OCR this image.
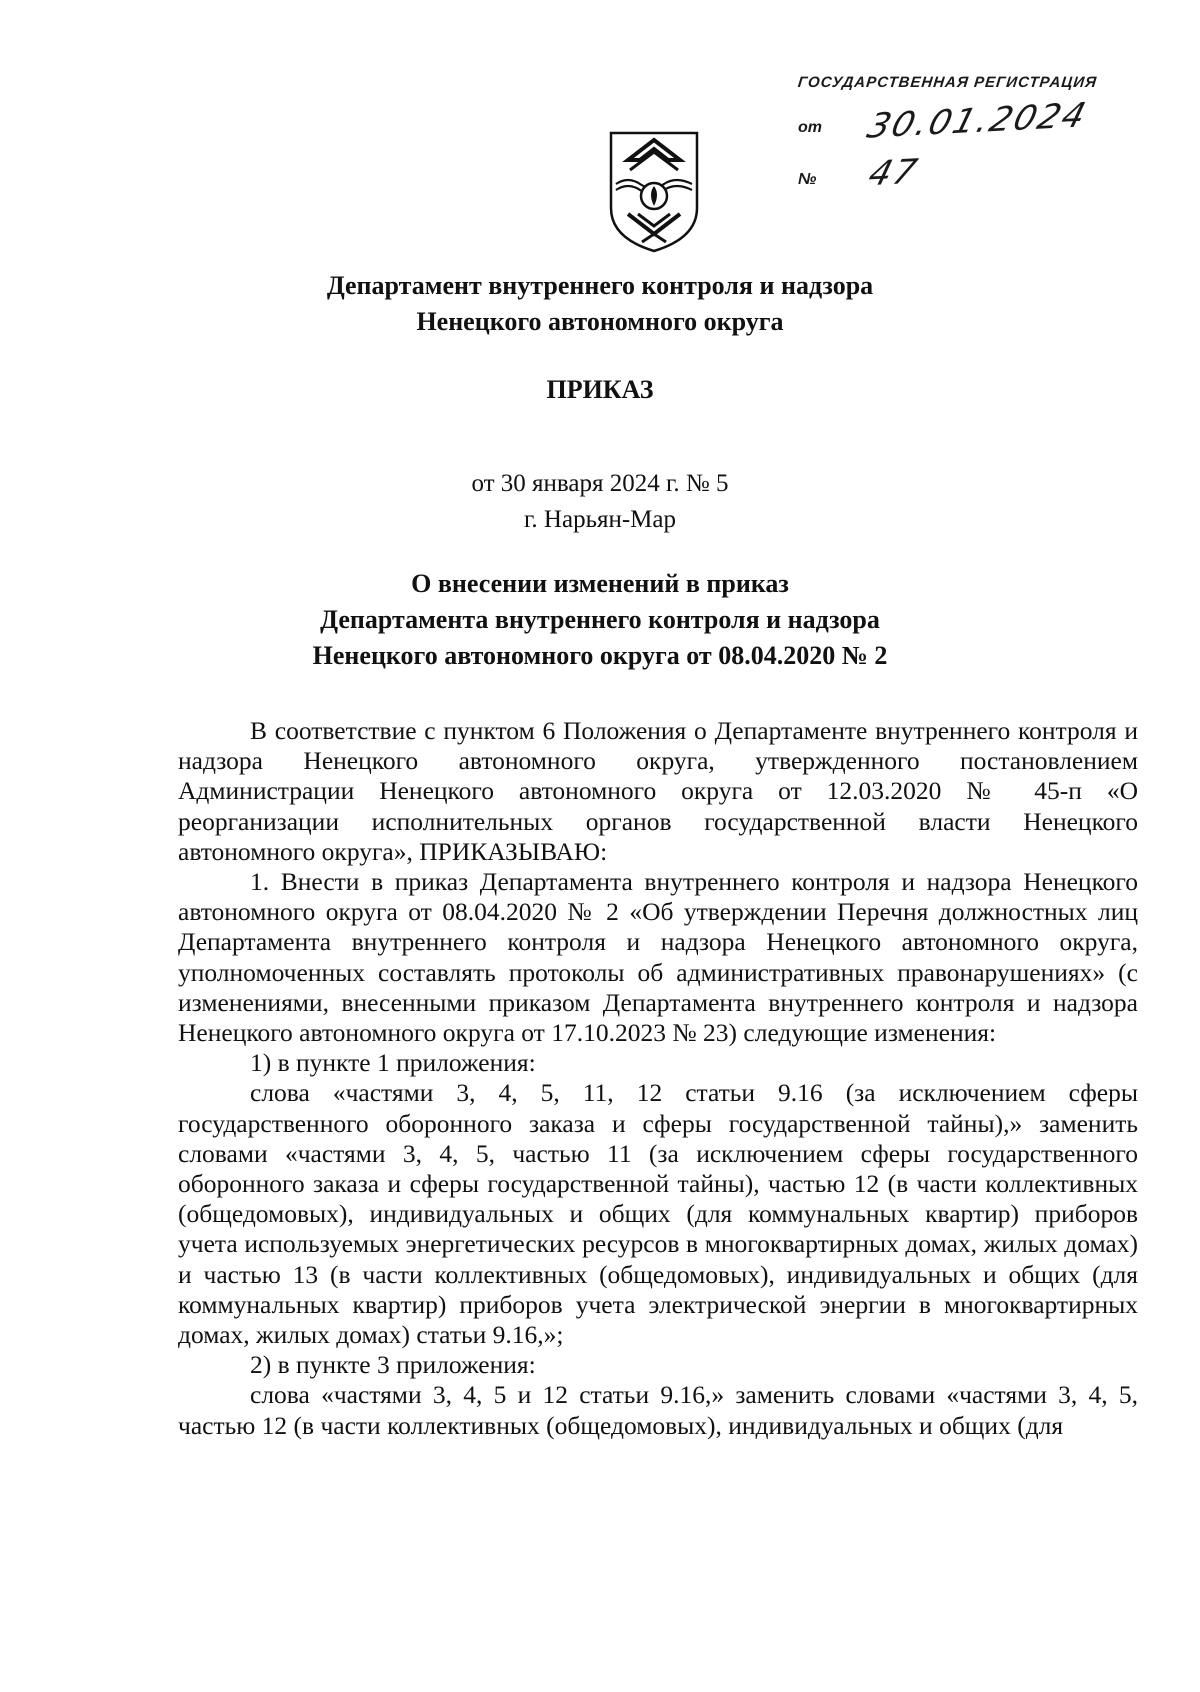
ГОСУДАРСТВЕННАЯ РЕГИСТРАЦИЯ
от 30.01.2024
№ 47
Департамент внутреннего контроля и надзора
Ненецкого автономного округа
ПРИКАЗ
от 30 января 2024 г. № 5
г. Нарьян-Мар
О внесении изменений в приказ
Департамента внутреннего контроля и надзора
Ненецкого автономного округа от 08.04.2020 № 2

В соответствие с пунктом 6 Положения о Департаменте внутреннего контроля и надзора Ненецкого автономного округа, утвержденного постановлением Администрации Ненецкого автономного округа от 12.03.2020 № 45-п «О реорганизации исполнительных органов государственной власти Ненецкого автономного округа», ПРИКАЗЫВАЮ:

1. Внести в приказ Департамента внутреннего контроля и надзора Ненецкого автономного округа от 08.04.2020 № 2 «Об утверждении Перечня должностных лиц Департамента внутреннего контроля и надзора Ненецкого автономного округа, уполномоченных составлять протоколы об административных правонарушениях» (с изменениями, внесенными приказом Департамента внутреннего контроля и надзора Ненецкого автономного округа от 17.10.2023 № 23) следующие изменения:

1) в пункте 1 приложения:

слова «частями 3, 4, 5, 11, 12 статьи 9.16 (за исключением сферы государственного оборонного заказа и сферы государственной тайны),» заменить словами «частями 3, 4, 5, частью 11 (за исключением сферы государственного оборонного заказа и сферы государственной тайны), частью 12 (в части коллективных (общедомовых), индивидуальных и общих (для коммунальных квартир) приборов учета используемых энергетических ресурсов в многоквартирных домах, жилых домах) и частью 13 (в части коллективных (общедомовых), индивидуальных и общих (для коммунальных квартир) приборов учета электрической энергии в многоквартирных домах, жилых домах) статьи 9.16,»;

2) в пункте 3 приложения:

слова «частями 3, 4, 5 и 12 статьи 9.16,» заменить словами «частями 3, 4, 5, частью 12 (в части коллективных (общедомовых), индивидуальных и общих (для
